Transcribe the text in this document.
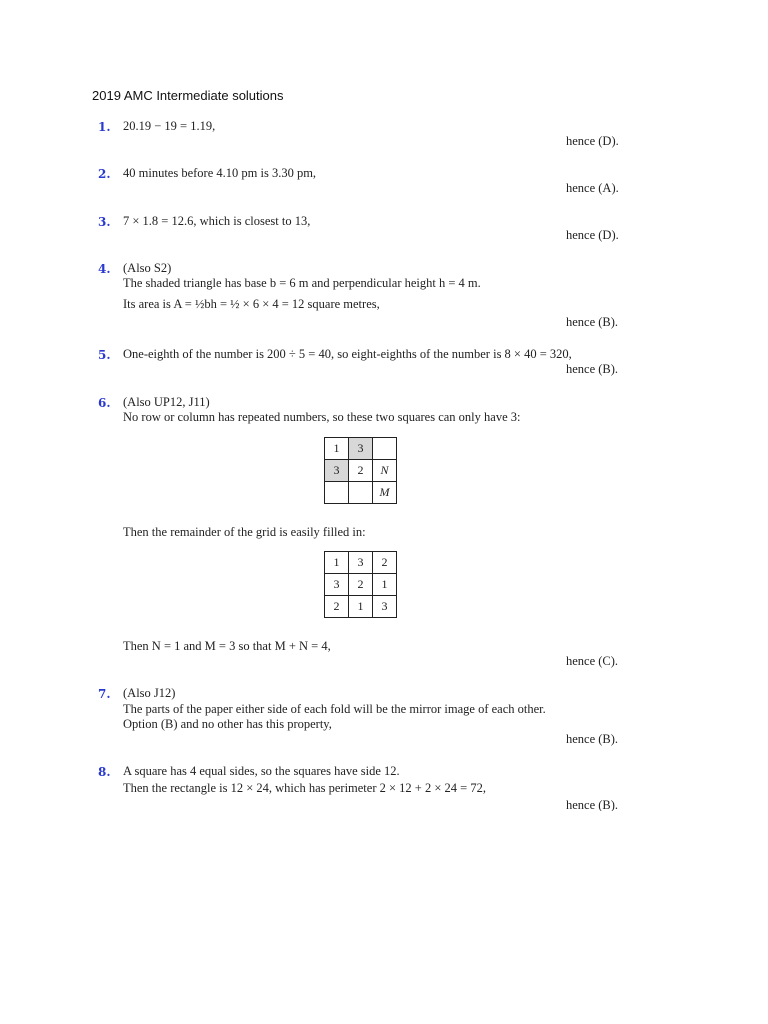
2019 AMC Intermediate solutions
1. 20.19 − 19 = 1.19,
hence (D).
2. 40 minutes before 4.10 pm is 3.30 pm,
hence (A).
3. 7 × 1.8 = 12.6, which is closest to 13,
hence (D).
4. (Also S2)
The shaded triangle has base b = 6 m and perpendicular height h = 4 m.
Its area is A = ½bh = ½ × 6 × 4 = 12 square metres,
hence (B).
5. One-eighth of the number is 200 ÷ 5 = 40, so eight-eighths of the number is 8 × 40 = 320,
hence (B).
6. (Also UP12, J11)
No row or column has repeated numbers, so these two squares can only have 3:
1	3	
3	2	N
		M
Then the remainder of the grid is easily filled in:
1	3	2
3	2	1
2	1	3
Then N = 1 and M = 3 so that M + N = 4,
hence (C).
7. (Also J12)
The parts of the paper either side of each fold will be the mirror image of each other.
Option (B) and no other has this property,
hence (B).
8. A square has 4 equal sides, so the squares have side 12.
Then the rectangle is 12 × 24, which has perimeter 2 × 12 + 2 × 24 = 72,
hence (B).
